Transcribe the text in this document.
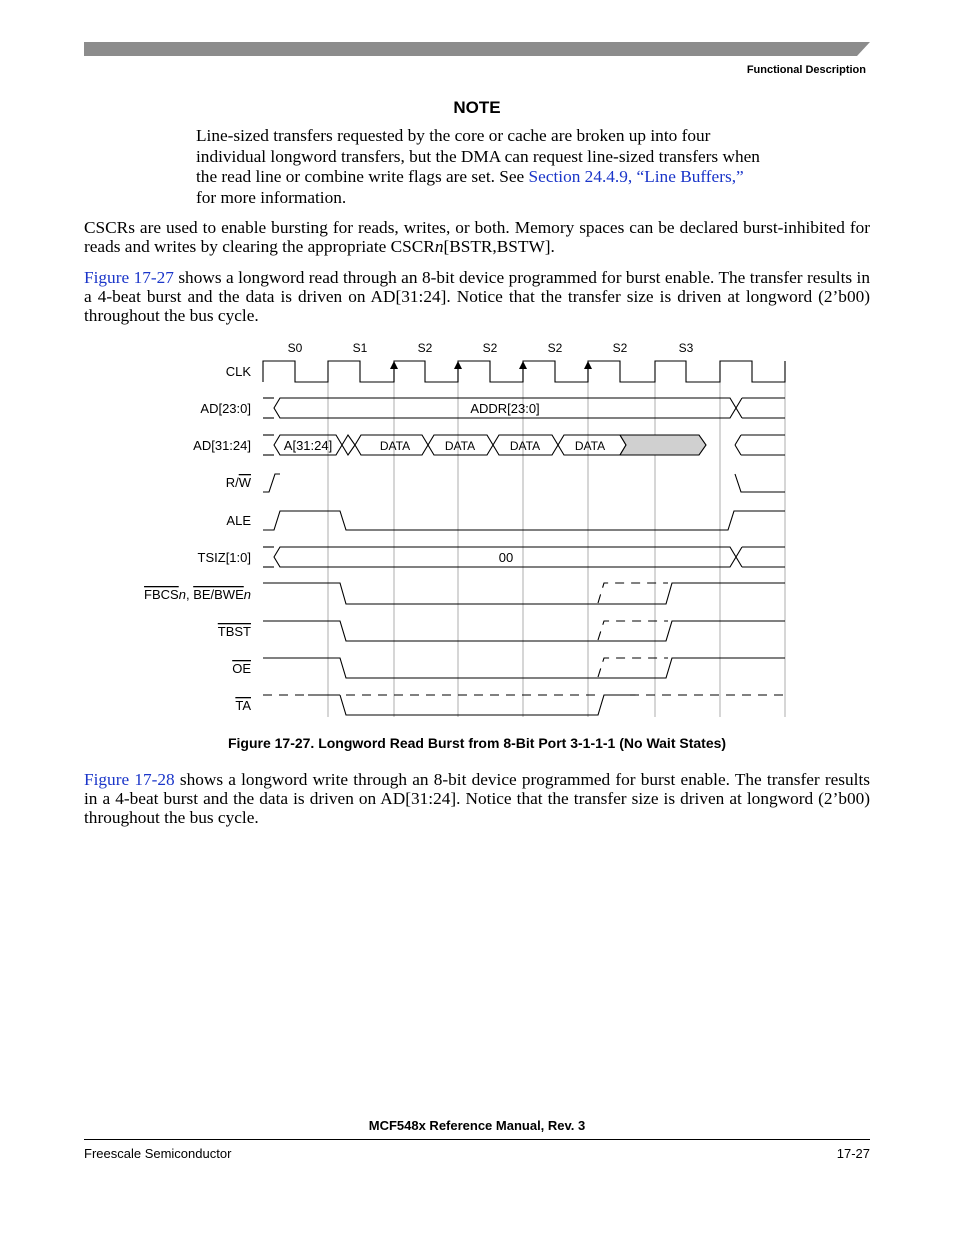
Functional Description
NOTE
Line-sized transfers requested by the core or cache are broken up into four individual longword transfers, but the DMA can request line-sized transfers when the read line or combine write flags are set. See Section 24.4.9, “Line Buffers,” for more information.
CSCRs are used to enable bursting for reads, writes, or both. Memory spaces can be declared burst-inhibited for reads and writes by clearing the appropriate CSCRn[BSTR,BSTW].
Figure 17-27 shows a longword read through an 8-bit device programmed for burst enable. The transfer results in a 4-beat burst and the data is driven on AD[31:24]. Notice that the transfer size is driven at longword (2’b00) throughout the bus cycle.
S0	S1	S2	S2	S2	S2	S3
CLK
AD[23:0]
AD[31:24]
R/W
ALE
TSIZ[1:0]
FBCSn, BE/BWEn
TBST
OE
TA
ADDR[23:0]
A[31:24]	DATA	DATA	DATA	DATA
00
Figure 17-27. Longword Read Burst from 8-Bit Port 3-1-1-1 (No Wait States)
Figure 17-28 shows a longword write through an 8-bit device programmed for burst enable. The transfer results in a 4-beat burst and the data is driven on AD[31:24]. Notice that the transfer size is driven at longword (2’b00) throughout the bus cycle.
MCF548x Reference Manual, Rev. 3
Freescale Semiconductor	17-27
